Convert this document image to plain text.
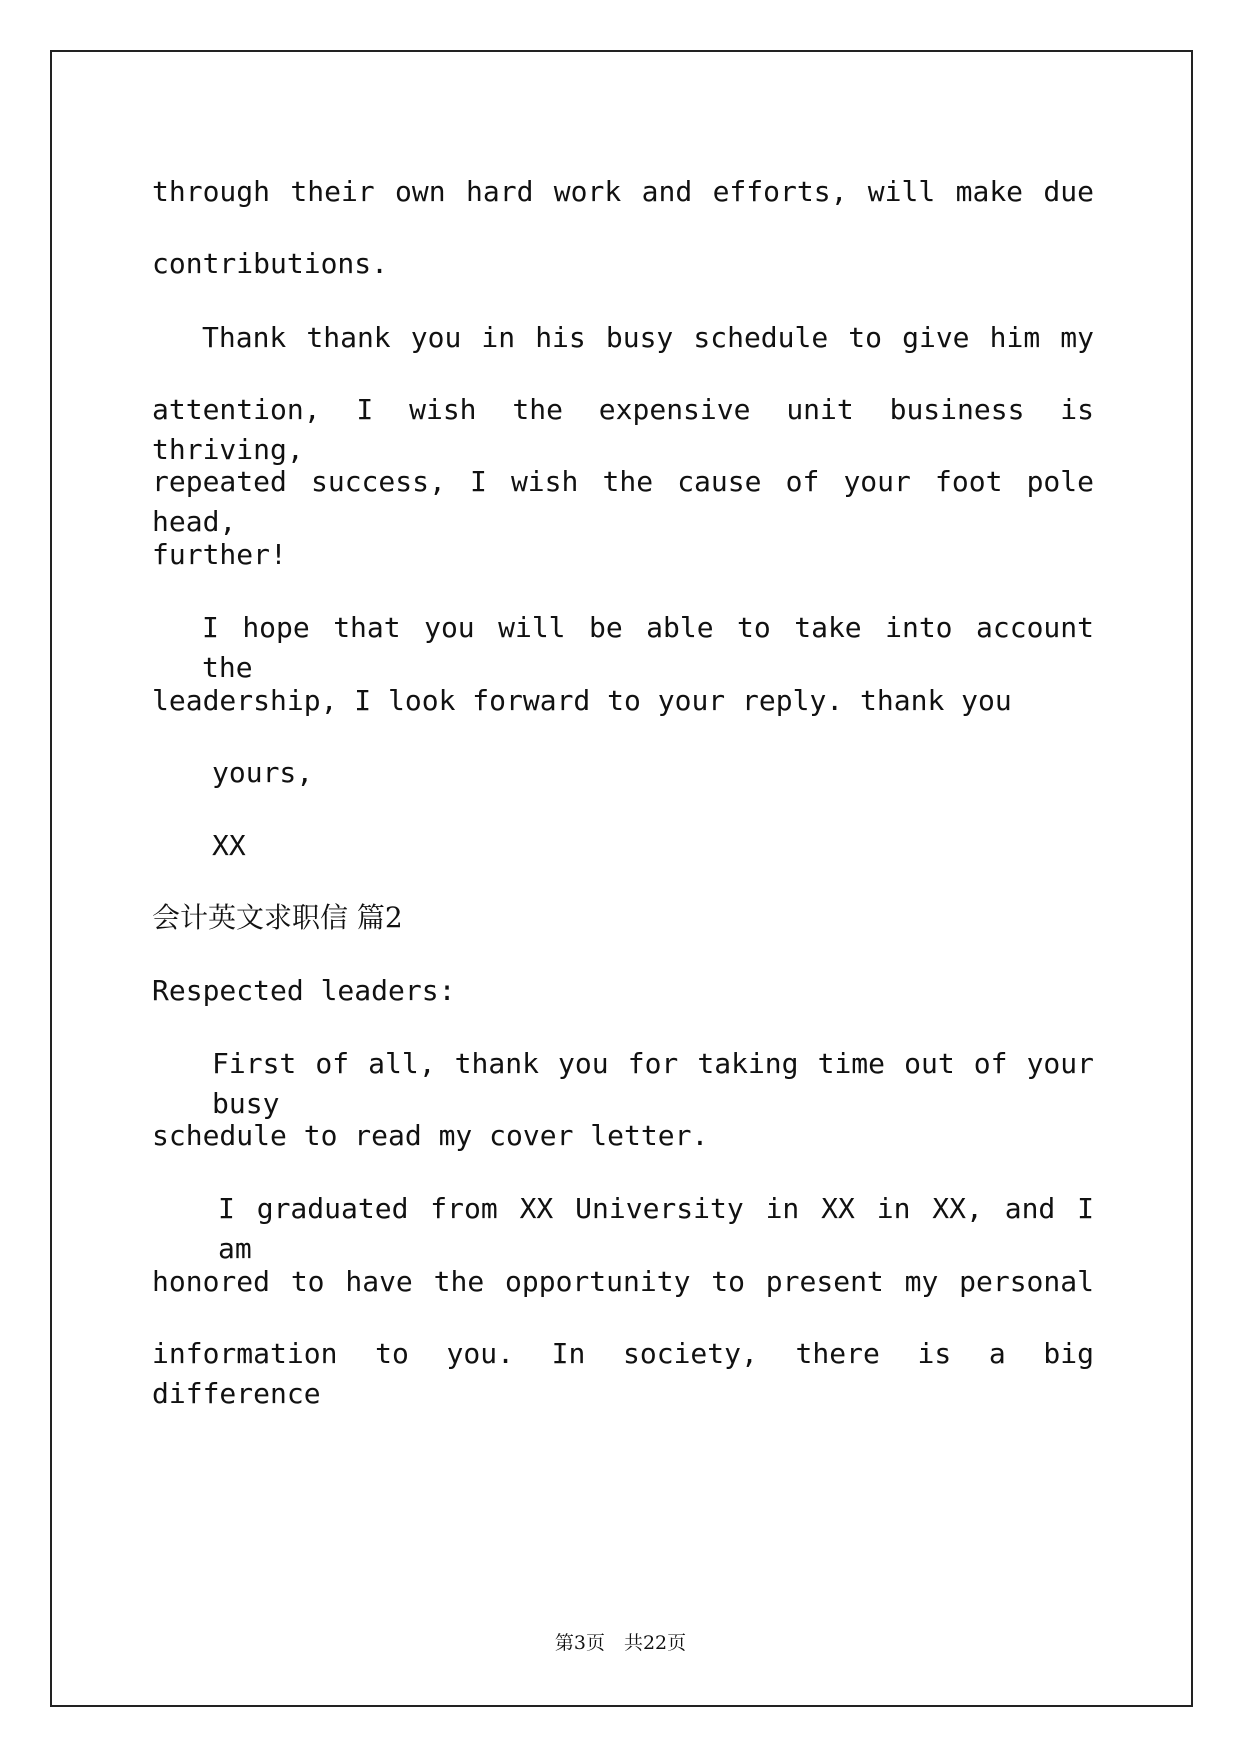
through their own hard work and efforts, will make due
contributions.
Thank thank you in his busy schedule to give him my
attention, I wish the expensive unit business is thriving,
repeated success, I wish the cause of your foot pole head,
further!
I hope that you will be able to take into account the
leadership, I look forward to your reply. thank you
yours,
XX
会计英文求职信 篇2
Respected leaders:
First of all, thank you for taking time out of your busy
schedule to read my cover letter.
I graduated from XX University in XX in XX, and I am
honored to have the opportunity to present my personal
information to you. In society, there is a big difference
第3页　共22页
